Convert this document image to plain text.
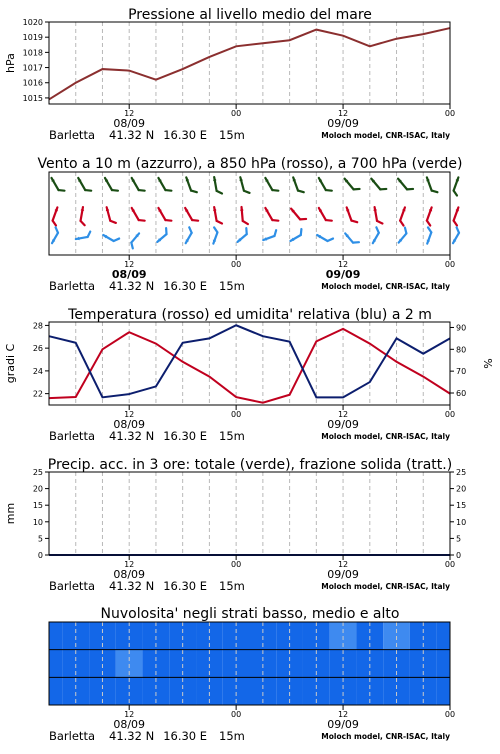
Pressione al livello medio del mare
1015
1016
1017
1018
1019
1020
hPa
12	00	12	00
08/09	09/09
Barletta 41.32 N 16.30 E 15m	Moloch model, CNR-ISAC, Italy
Vento a 10 m (azzurro), a 850 hPa (rosso), a 700 hPa (verde)
12	00	12	00
08/09	09/09
Barletta 41.32 N 16.30 E 15m	Moloch model, CNR-ISAC, Italy
Temperatura (rosso) ed umidita' relativa (blu) a 2 m
22
24
26
28
60
70
80
90
gradi C	%
12	00	12	00
08/09	09/09
Barletta 41.32 N 16.30 E 15m	Moloch model, CNR-ISAC, Italy
Precip. acc. in 3 ore: totale (verde), frazione solida (tratt.)
0
5
10
15
20
25
0
5
10
15
20
25
mm
12	00	12	00
08/09	09/09
Barletta 41.32 N 16.30 E 15m	Moloch model, CNR-ISAC, Italy
Nuvolosita' negli strati basso, medio e alto
12	00	12	00
08/09	09/09
Barletta 41.32 N 16.30 E 15m	Moloch model, CNR-ISAC, Italy
